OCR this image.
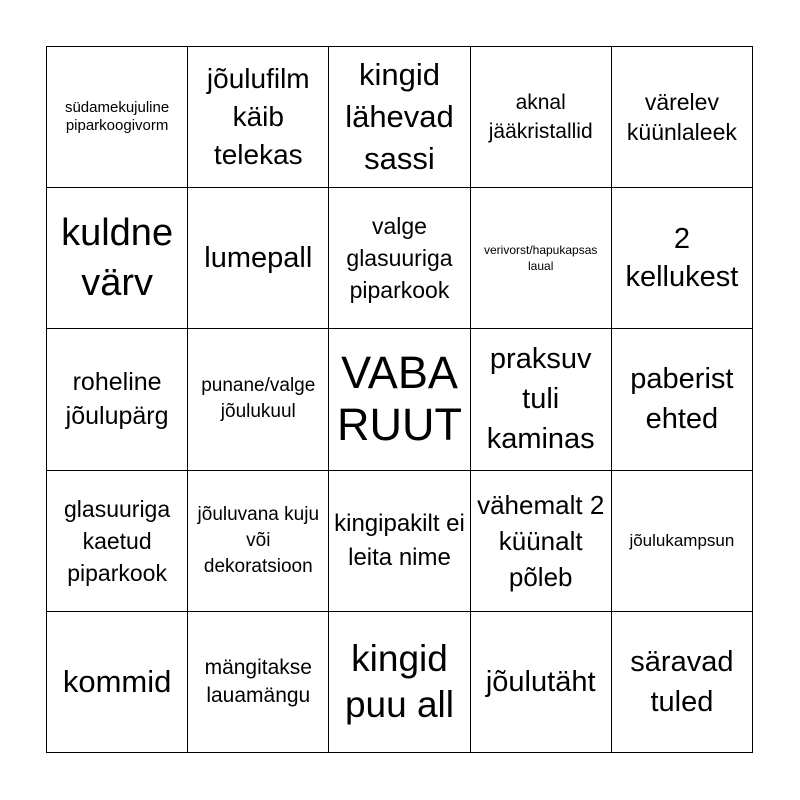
südamekujuline piparkoogivorm
jõulufilm käib telekas
kingid lähevad sassi
aknal jääkristallid
värelev küünlaleek
kuldne värv
lumepall
valge glasuuriga piparkook
verivorst/hapukapsas laual
2 kellukest
roheline jõulupärg
punane/valge jõulukuul
VABA RUUT
praksuv tuli kaminas
paberist ehted
glasuuriga kaetud piparkook
jõuluvana kuju või dekoratsioon
kingipakilt ei leita nime
vähemalt 2 küünalt põleb
jõulukampsun
kommid	mängitakse lauamängu
kingid puu all
jõulutäht
säravad tuled
